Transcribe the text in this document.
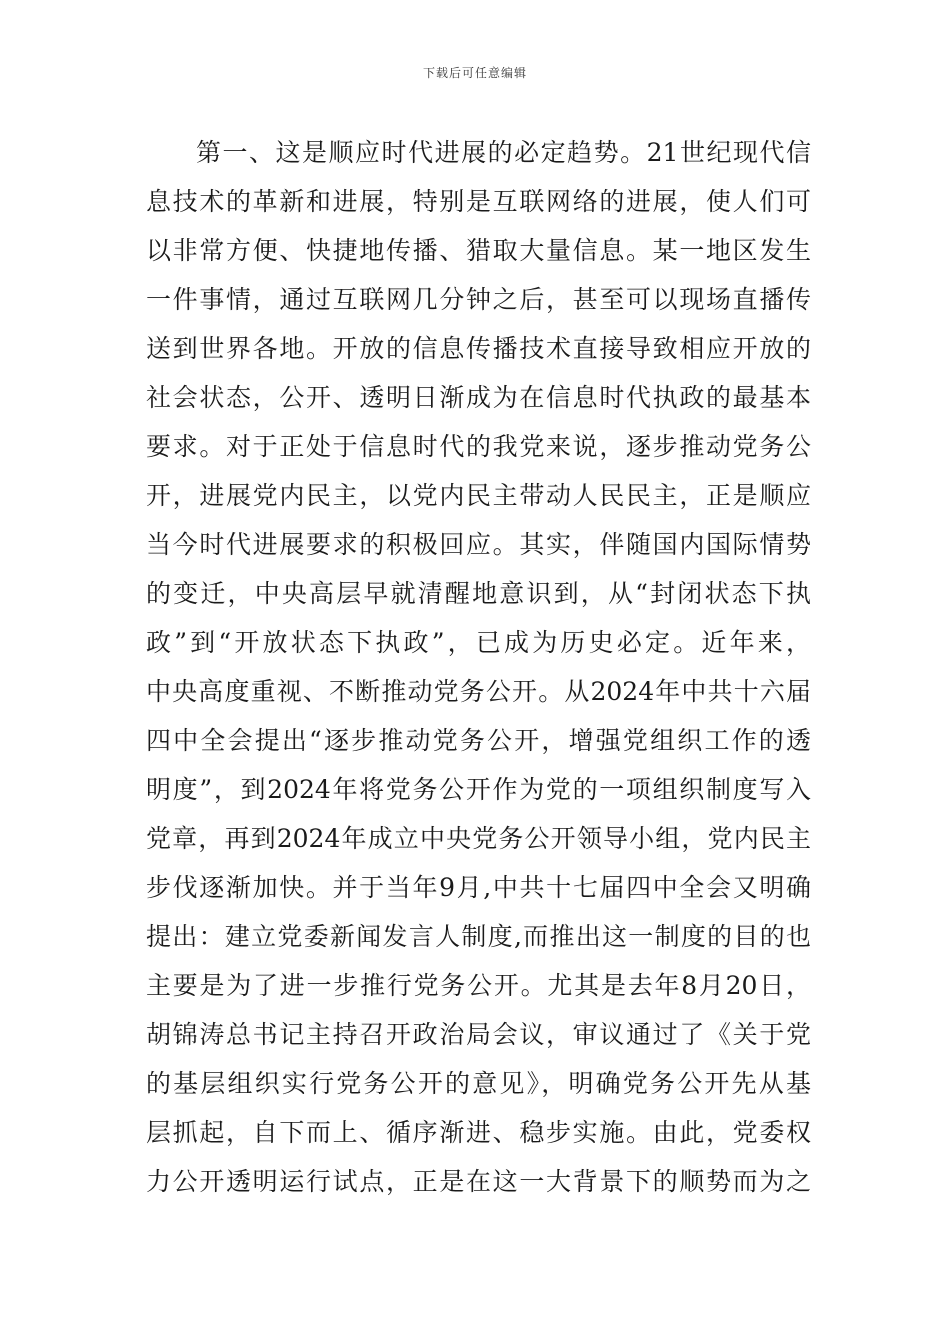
下载后可任意编辑
第一、这是顺应时代进展的必定趋势。21世纪现代信
息技术的革新和进展，特别是互联网络的进展，使人们可
以非常方便、快捷地传播、猎取大量信息。某一地区发生
一件事情，通过互联网几分钟之后，甚至可以现场直播传
送到世界各地。开放的信息传播技术直接导致相应开放的
社会状态，公开、透明日渐成为在信息时代执政的最基本
要求。对于正处于信息时代的我党来说，逐步推动党务公
开，进展党内民主，以党内民主带动人民民主，正是顺应
当今时代进展要求的积极回应。其实，伴随国内国际情势
的变迁，中央高层早就清醒地意识到，从“封闭状态下执
政”到“开放状态下执政”，已成为历史必定。近年来，
中央高度重视、不断推动党务公开。从2024年中共十六届
四中全会提出“逐步推动党务公开，增强党组织工作的透
明度”，到2024年将党务公开作为党的一项组织制度写入
党章，再到2024年成立中央党务公开领导小组，党内民主
步伐逐渐加快。并于当年9月,中共十七届四中全会又明确
提出：建立党委新闻发言人制度,而推出这一制度的目的也
主要是为了进一步推行党务公开。尤其是去年8月20日，
胡锦涛总书记主持召开政治局会议，审议通过了《关于党
的基层组织实行党务公开的意见》，明确党务公开先从基
层抓起，自下而上、循序渐进、稳步实施。由此，党委权
力公开透明运行试点，正是在这一大背景下的顺势而为之
